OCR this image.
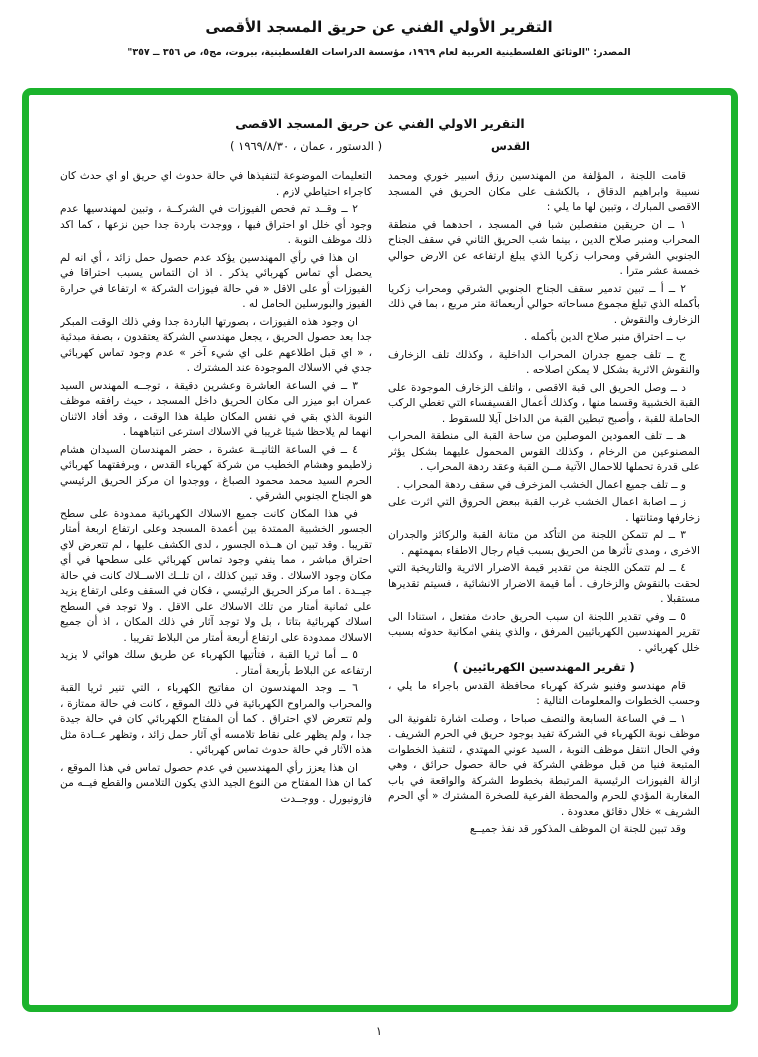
التقرير الأولي الفني عن حريق المسجد الأقصى
المصدر: "الوثائق الفلسطينية العربية لعام ١٩٦٩، مؤسسة الدراسات الفلسطينية، بيروت، مج٥، ص ٣٥٦ ــ ٣٥٧"
التقرير الاولي الفني عن حريق المسجد الاقصى
القدس
( الدستور ، عمان ، ١٩٦٩/٨/٣٠ )

قامت اللجنة ، المؤلفة من المهندسين رزق اسبير خوري ومحمد نسيبة وابراهيم الدقاق ، بالكشف على مكان الحريق في المسجد الاقصى المبارك ، وتبين لها ما يلي :

١ ــ ان حريقين منفصلين شبا في المسجد ، احدهما في منطقة المحراب ومنبر صلاح الدين ، بينما شب الحريق الثاني في سقف الجناح الجنوبي الشرقي ومحراب زكريا الذي يبلغ ارتفاعه عن الارض حوالي خمسة عشر مترا .

٢ ــ أ ــ تبين تدمير سقف الجناح الجنوبي الشرقي ومحراب زكريا بأكمله الذي تبلغ مجموع مساحاته حوالي أربعمائة متر مربع ، بما في ذلك الزخارف والنقوش .

ب ــ احتراق منبر صلاح الدين بأكمله .

ج ــ تلف جميع جدران المحراب الداخلية ، وكذلك تلف الزخارف والنقوش الاثرية بشكل لا يمكن اصلاحه .

د ــ وصل الحريق الى قبة الاقصى ، واتلف الزخارف الموجودة على القبة الخشبية وقسما منها ، وكذلك أعمال الفسيفساء التي تغطي الركب الحاملة للقبة ، وأصبح تبطين القبة من الداخل آيلا للسقوط .

هـ ــ تلف العمودين الموصلين من ساحة القبة الى منطقة المحراب المصنوعين من الرخام ، وكذلك القوس المحمول عليهما بشكل يؤثر على قدرة تحملها للاحمال الآتية مــن القبة وعقد ردهة المحراب .

و ــ تلف جميع اعمال الخشب المزخرف في سقف ردهة المحراب .

ز ــ اصابة اعمال الخشب غرب القبة ببعض الحروق التي اثرت على زخارفها ومتانتها .

٣ ــ لم تتمكن اللجنة من التأكد من متانة القبة والركائز والجدران الاخرى ، ومدى تأثرها من الحريق بسبب قيام رجال الاطفاء بمهمتهم .

٤ ــ لم تتمكن اللجنة من تقدير قيمة الاضرار الاثرية والتاريخية التي لحقت بالنقوش والزخارف . أما قيمة الاضرار الانشائية ، فسيتم تقديرها مستقبلا .

٥ ــ وفي تقدير اللجنة ان سبب الحريق حادث مفتعل ، استنادا الى تقرير المهندسين الكهربائيين المرفق ، والذي ينفي امكانية حدوثه بسبب خلل كهربائي .

( تقرير المهندسين الكهربائيين )

قام مهندسو وفنيو شركة كهرباء محافظة القدس باجراء ما يلي ، وحسب الخطوات والمعلومات التالية :

١ ــ في الساعة السابعة والنصف صباحا ، وصلت اشارة تلفونية الى موظف نوبة الكهرباء في الشركة تفيد بوجود حريق في الحرم الشريف . وفي الحال انتقل موظف النوبة ، السيد عوني المهتدي ، لتنفيذ الخطوات المتبعة فنيا من قبل موظفي الشركة في حالة حصول حرائق ، وهي ازالة الفيوزات الرئيسية المرتبطة بخطوط الشركة والواقعة في باب المغاربة المؤدي للحرم والمحطة الفرعية للصخرة المشترك « أي الحرم الشريف » خلال دقائق معدودة .

وقد تبين للجنة ان الموظف المذكور قد نفذ جميــع

التعليمات الموضوعة لتنفيذها في حالة حدوث اي حريق او اي حدث كان كاجراء احتياطي لازم .

٢ ــ وقــد تم فحص الفيوزات في الشركــة ، وتبين لمهندسيها عدم وجود أي خلل او احتراق فيها ، ووجدت باردة جدا حين نزعها ، كما اكد ذلك موظف النوبة .

ان هذا في رأي المهندسين يؤكد عدم حصول حمل زائد ، أي انه لم يحصل أي تماس كهربائي يذكر . اذ ان التماس يسبب احتراقا في الفيوزات أو على الاقل « في حالة فيوزات الشركة » ارتفاعا في حرارة الفيوز والبورسلين الحامل له .

ان وجود هذه الفيوزات ، بصورتها الباردة جدا وفي ذلك الوقت المبكر جدا بعد حصول الحريق ، يجعل مهندسي الشركة يعتقدون ، بصفة مبدئية ، « اي قبل اطلاعهم على اي شيء آخر » عدم وجود تماس كهربائي جدي في الاسلاك الموجودة عند المشترك .

٣ ــ في الساعة العاشرة وعشرين دقيقة ، توجــه المهندس السيد عمران ابو ميزر الى مكان الحريق داخل المسجد ، حيث رافقه موظف النوبة الذي بقي في نفس المكان طيلة هذا الوقت ، وقد أفاد الاثنان انهما لم يلاحظا شيئا غريبا في الاسلاك استرعى انتباههما .

٤ ــ في الساعة الثانيــة عشرة ، حضر المهندسان السيدان هشام زلاطيمو وهشام الخطيب من شركة كهرباء القدس ، وبرفقتهما كهربائي الحرم السيد محمد محمود الصباغ ، ووجدوا ان مركز الحريق الرئيسي هو الجناح الجنوبي الشرقي .

في هذا المكان كانت جميع الاسلاك الكهربائية ممدودة على سطح الجسور الخشبية الممتدة بين أعمدة المسجد وعلى ارتفاع اربعة أمتار تقريبا . وقد تبين ان هــذه الجسور ، لدى الكشف عليها ، لم تتعرض لاي احتراق مباشر ، مما ينفي وجود تماس كهربائي على سطحها في أي مكان وجود الاسلاك . وقد تبين كذلك ، ان تلــك الاســلاك كانت في حالة جيــدة . اما مركز الحريق الرئيسي ، فكان في السقف وعلى ارتفاع يزيد على ثمانية أمتار من تلك الاسلاك على الاقل . ولا توجد في السطح اسلاك كهربائية بتاتا ، بل ولا توجد آثار في ذلك المكان ، اذ أن جميع الاسلاك ممدودة على ارتفاع أربعة أمتار من البلاط تقريبا .

٥ ــ أما ثريا القبة ، فتأتيها الكهرباء عن طريق سلك هوائي لا يزيد ارتفاعه عن البلاط بأربعة أمتار .

٦ ــ وجد المهندسون ان مفاتيح الكهرباء ، التي تنير ثريا القبة والمحراب والمراوح الكهربائية في ذلك الموقع ، كانت في حالة ممتازة ، ولم تتعرض لاي احتراق . كما أن المفتاح الكهربائي كان في حالة جيدة جدا ، ولم يظهر على نقاط تلامسه أي آثار حمل زائد ، وتظهر عــادة مثل هذه الآثار في حالة حدوث تماس كهربائي .

ان هذا يعزز رأي المهندسين في عدم حصول تماس في هذا الموقع ، كما ان هذا المفتاح من النوع الجيد الذي يكون التلامس والقطع فيــه من فازونيورل . ووجــدت

١
